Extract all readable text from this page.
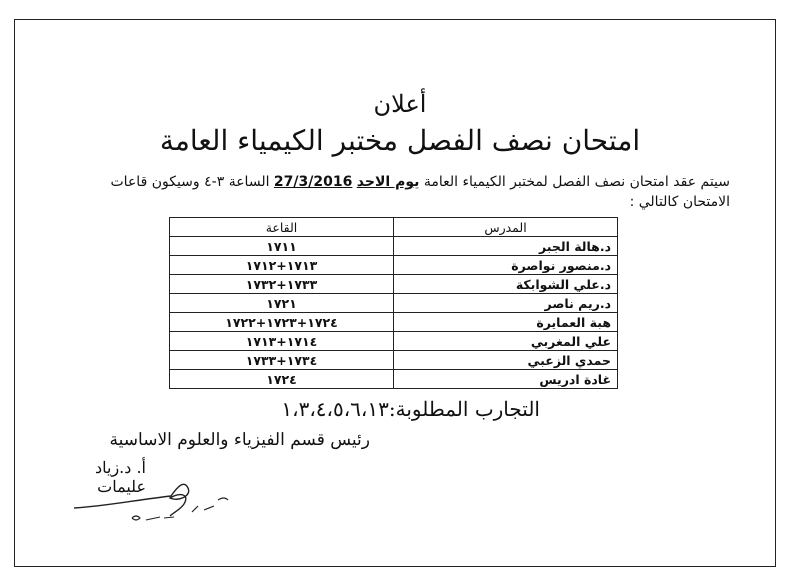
أعلان
امتحان نصف الفصل مختبر الكيمياء العامة
سيتم عقد امتحان نصف الفصل لمختبر الكيمياء العامة يوم الاحد 27/3/2016 الساعة ٣-٤ وسيكون قاعات الامتحان كالتالي :
المدرس	القاعة
د.هالة الجبر	١٧١١
د.منصور نواصرة	١٧١٣+١٧١٢
د.علي الشوابكة	١٧٣٣+١٧٣٢
د.ريم ناصر	١٧٢١
هبة العمايرة	١٧٢٤+١٧٢٣+١٧٢٢
علي المغربي	١٧١٤+١٧١٣
حمدي الزعبي	١٧٣٤+١٧٣٣
غادة ادريس	١٧٢٤
التجارب المطلوبة:١،٣،٤،٥،٦،١٣
رئيس قسم الفيزياء والعلوم الاساسية
أ. د.زياد عليمات
